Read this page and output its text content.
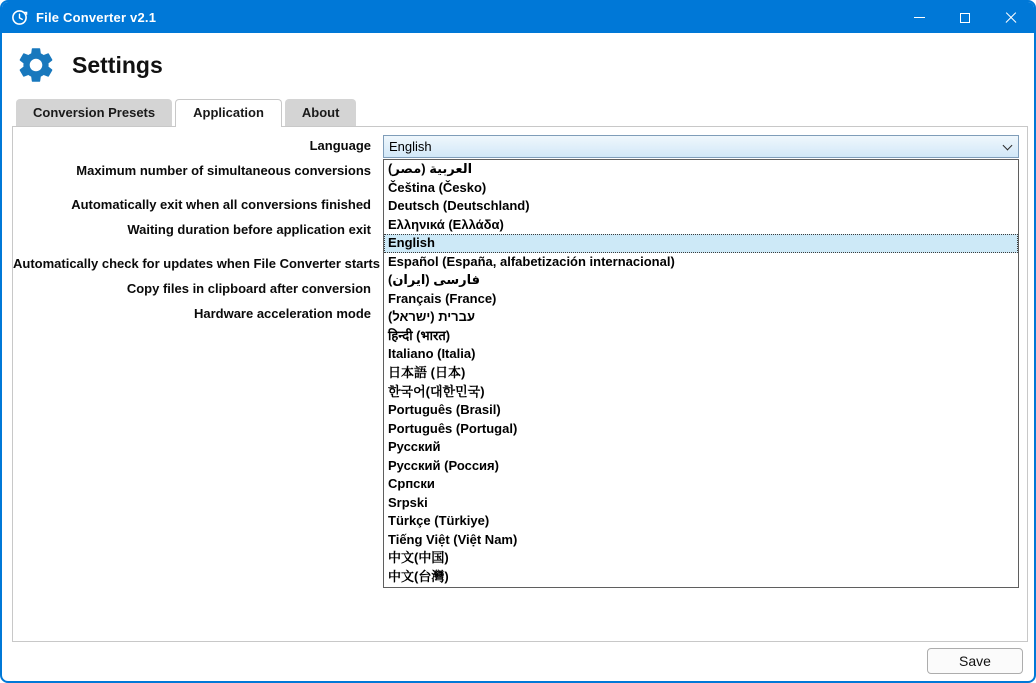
File Converter v2.1
Settings
Conversion Presets	Application	About
Language
Maximum number of simultaneous conversions
Automatically exit when all conversions finished
Waiting duration before application exit
Automatically check for updates when File Converter starts
Copy files in clipboard after conversion
Hardware acceleration mode
English
العربية (مصر)
Čeština (Česko)
Deutsch (Deutschland)
Ελληνικά (Ελλάδα)
English
Español (España, alfabetización internacional)
فارسی (ایران)
Français (France)
עברית (ישראל)
हिन्दी (भारत)
Italiano (Italia)
日本語 (日本)
한국어(대한민국)
Português (Brasil)
Português (Portugal)
Русский
Русский (Россия)
Српски
Srpski
Türkçe (Türkiye)
Tiếng Việt (Việt Nam)
中文(中国)
中文(台灣)
Save
